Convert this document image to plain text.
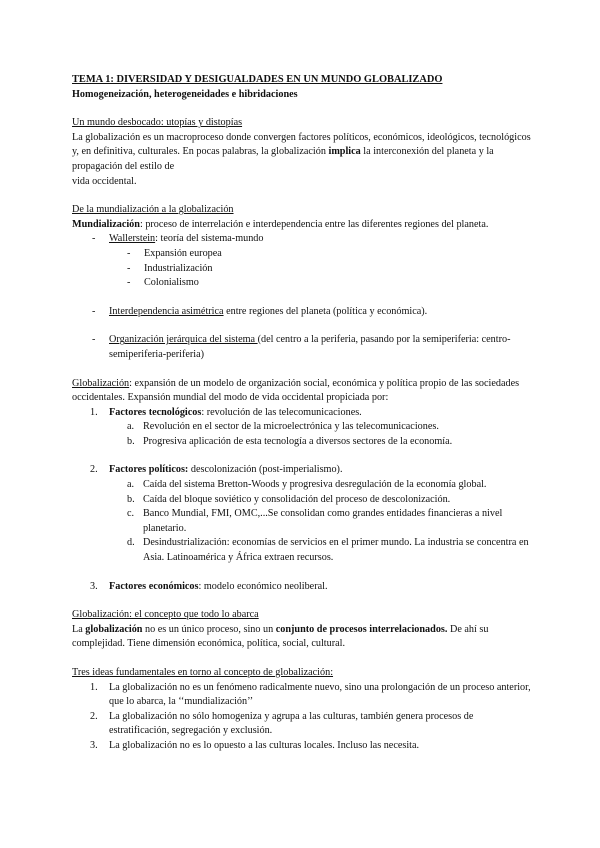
TEMA 1: DIVERSIDAD Y DESIGUALDADES EN UN MUNDO GLOBALIZADO

Homogeneización, heterogeneidades e hibridaciones

Un mundo desbocado: utopías y distopías

La globalización es un macroproceso donde convergen factores políticos, económicos, ideológicos, tecnológicos y, en definitiva, culturales. En pocas palabras, la globalización implica la interconexión del planeta y la propagación del estilo de

vida occidental.

De la mundialización a la globalización

Mundialización: proceso de interrelación e interdependencia entre las diferentes regiones del planeta.

- Wallerstein: teoría del sistema-mundo
- Expansión europea
- Industrialización
- Colonialismo
- Interdependencia asimétrica entre regiones del planeta (política y económica).
- Organización jerárquica del sistema (del centro a la periferia, pasando por la semiperiferia: centro-semiperiferia-periferia)

Globalización: expansión de un modelo de organización social, económica y política propio de las sociedades occidentales. Expansión mundial del modo de vida occidental propiciada por:

1. Factores tecnológicos: revolución de las telecomunicaciones.
a. Revolución en el sector de la microelectrónica y las telecomunicaciones.
b. Progresiva aplicación de esta tecnología a diversos sectores de la economía.
2. Factores políticos: descolonización (post-imperialismo).
a. Caída del sistema Bretton-Woods y progresiva desregulación de la economía global.
b. Caída del bloque soviético y consolidación del proceso de descolonización.
c. Banco Mundial, FMI, OMC,...Se consolidan como grandes entidades financieras a nivel planetario.
d. Desindustrialización: economías de servicios en el primer mundo. La industria se concentra en Asia. Latinoamérica y África extraen recursos.
3. Factores económicos: modelo económico neoliberal.

Globalización: el concepto que todo lo abarca

La globalización no es un único proceso, sino un conjunto de procesos interrelacionados. De ahí su complejidad. Tiene dimensión económica, política, social, cultural.

Tres ideas fundamentales en torno al concepto de globalización:

1. La globalización no es un fenómeno radicalmente nuevo, sino una prolongación de un proceso anterior, que lo abarca, la ‘‘mundialización’’
2. La globalización no sólo homogeniza y agrupa a las culturas, también genera procesos de estratificación, segregación y exclusión.
3. La globalización no es lo opuesto a las culturas locales. Incluso las necesita.
